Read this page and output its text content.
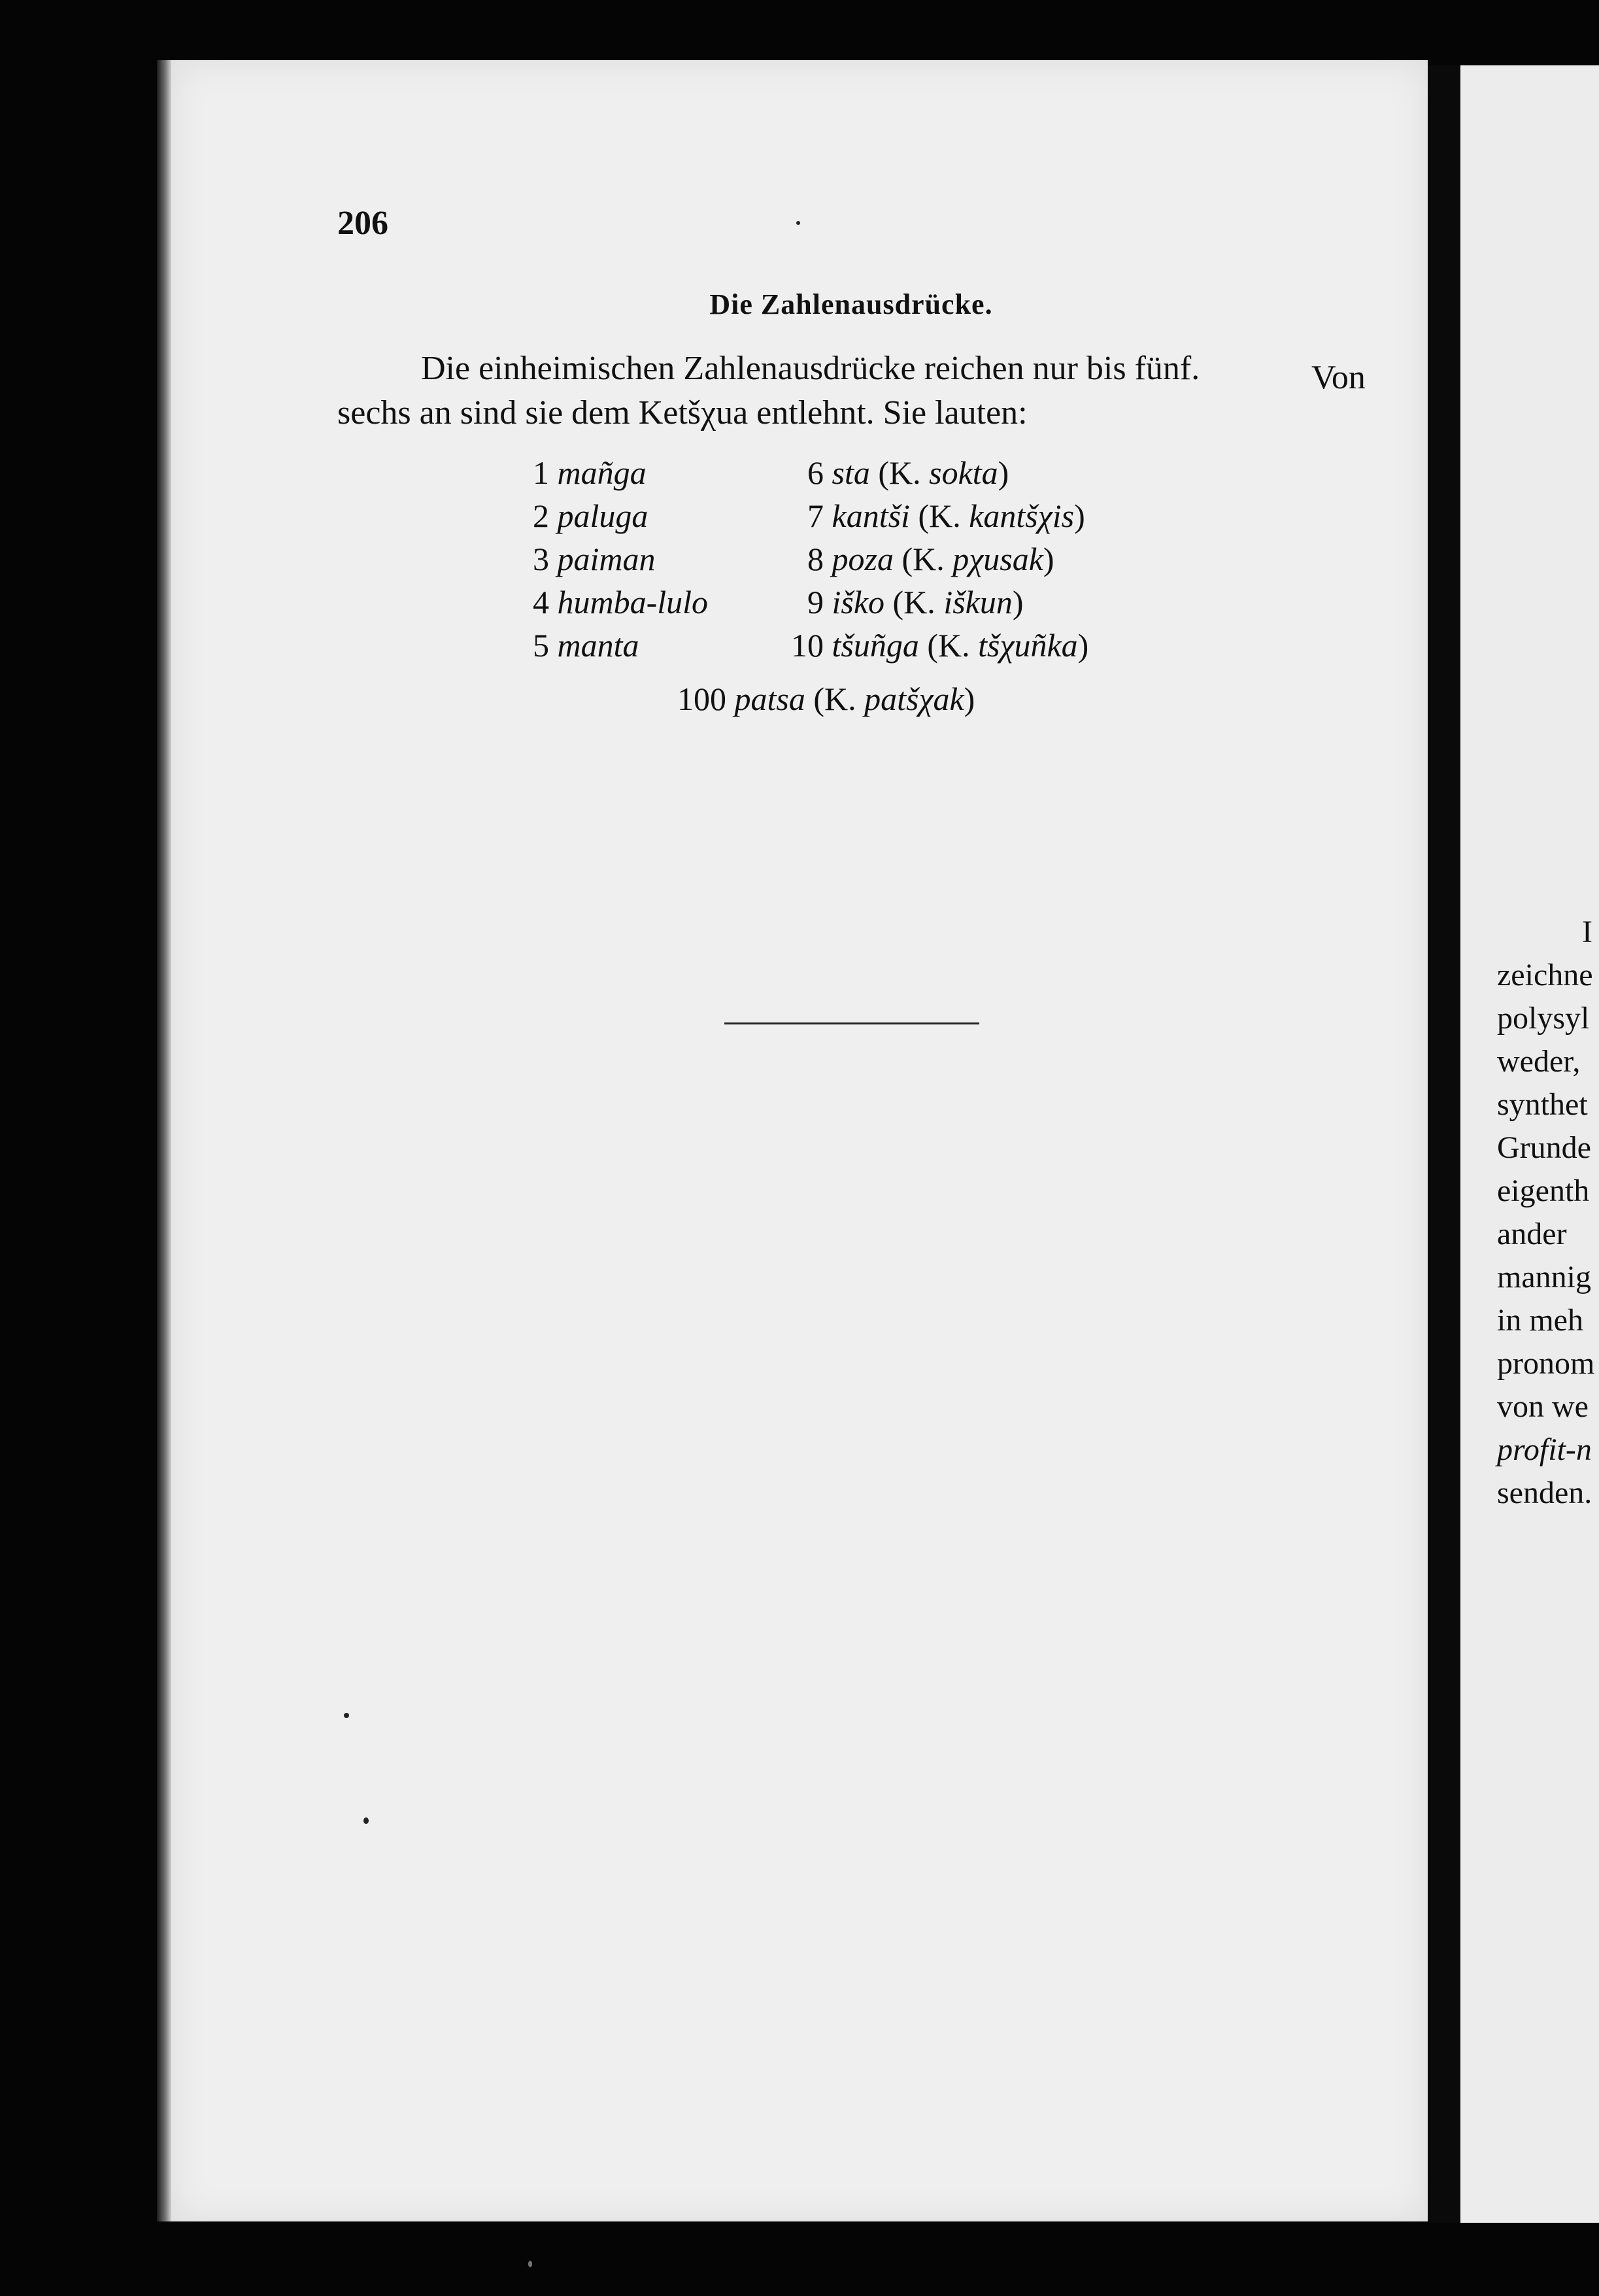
206
Die Zahlenausdrücke.
Die einheimischen Zahlenausdrücke reichen nur bis fünf.	Von
sechs an sind sie dem Ketšχua entlehnt. Sie lauten:
1 mañga
2 paluga
3 paiman
4 humba-lulo
5 manta
6 sta (K. sokta)
7 kantši (K. kantšχis)
8 poza (K. pχusak)
9 iško (K. iškun)
10 tšuñga (K. tšχuñka)
100 patsa (K. patšχak)
I
zeichne
polysyl
weder,
synthet
Grunde
eigenth
ander
mannig
in meh
pronom
von we
profit-n
senden.
